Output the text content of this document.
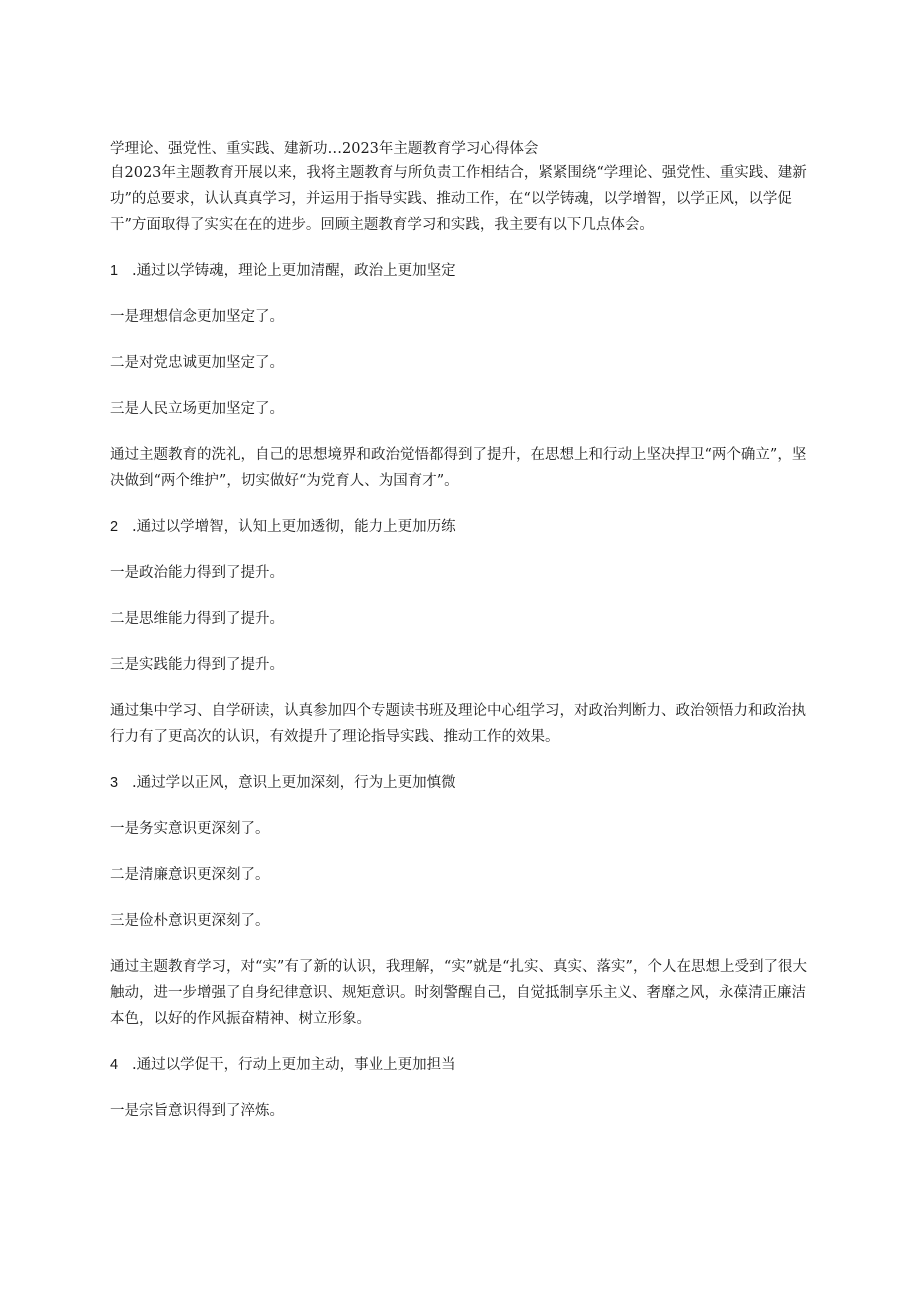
学理论、强党性、重实践、建新功…2023年主题教育学习心得体会

自2023年主题教育开展以来，我将主题教育与所负责工作相结合，紧紧围绕“学理论、强党性、重实践、建新功”的总要求，认认真真学习，并运用于指导实践、推动工作，在“以学铸魂，以学增智，以学正风，以学促干”方面取得了实实在在的进步。回顾主题教育学习和实践，我主要有以下几点体会。

1 .通过以学铸魂，理论上更加清醒，政治上更加坚定

一是理想信念更加坚定了。

二是对党忠诚更加坚定了。

三是人民立场更加坚定了。

通过主题教育的洗礼，自己的思想境界和政治觉悟都得到了提升，在思想上和行动上坚决捍卫“两个确立”，坚决做到“两个维护”，切实做好“为党育人、为国育才”。

2 .通过以学增智，认知上更加透彻，能力上更加历练

一是政治能力得到了提升。

二是思维能力得到了提升。

三是实践能力得到了提升。

通过集中学习、自学研读，认真参加四个专题读书班及理论中心组学习，对政治判断力、政治领悟力和政治执行力有了更高次的认识，有效提升了理论指导实践、推动工作的效果。

3 .通过学以正风，意识上更加深刻，行为上更加慎微

一是务实意识更深刻了。

二是清廉意识更深刻了。

三是俭朴意识更深刻了。

通过主题教育学习，对“实”有了新的认识，我理解，“实”就是“扎实、真实、落实”，个人在思想上受到了很大触动，进一步增强了自身纪律意识、规矩意识。时刻警醒自己，自觉抵制享乐主义、奢靡之风，永葆清正廉洁本色，以好的作风振奋精神、树立形象。

4 .通过以学促干，行动上更加主动，事业上更加担当

一是宗旨意识得到了淬炼。
